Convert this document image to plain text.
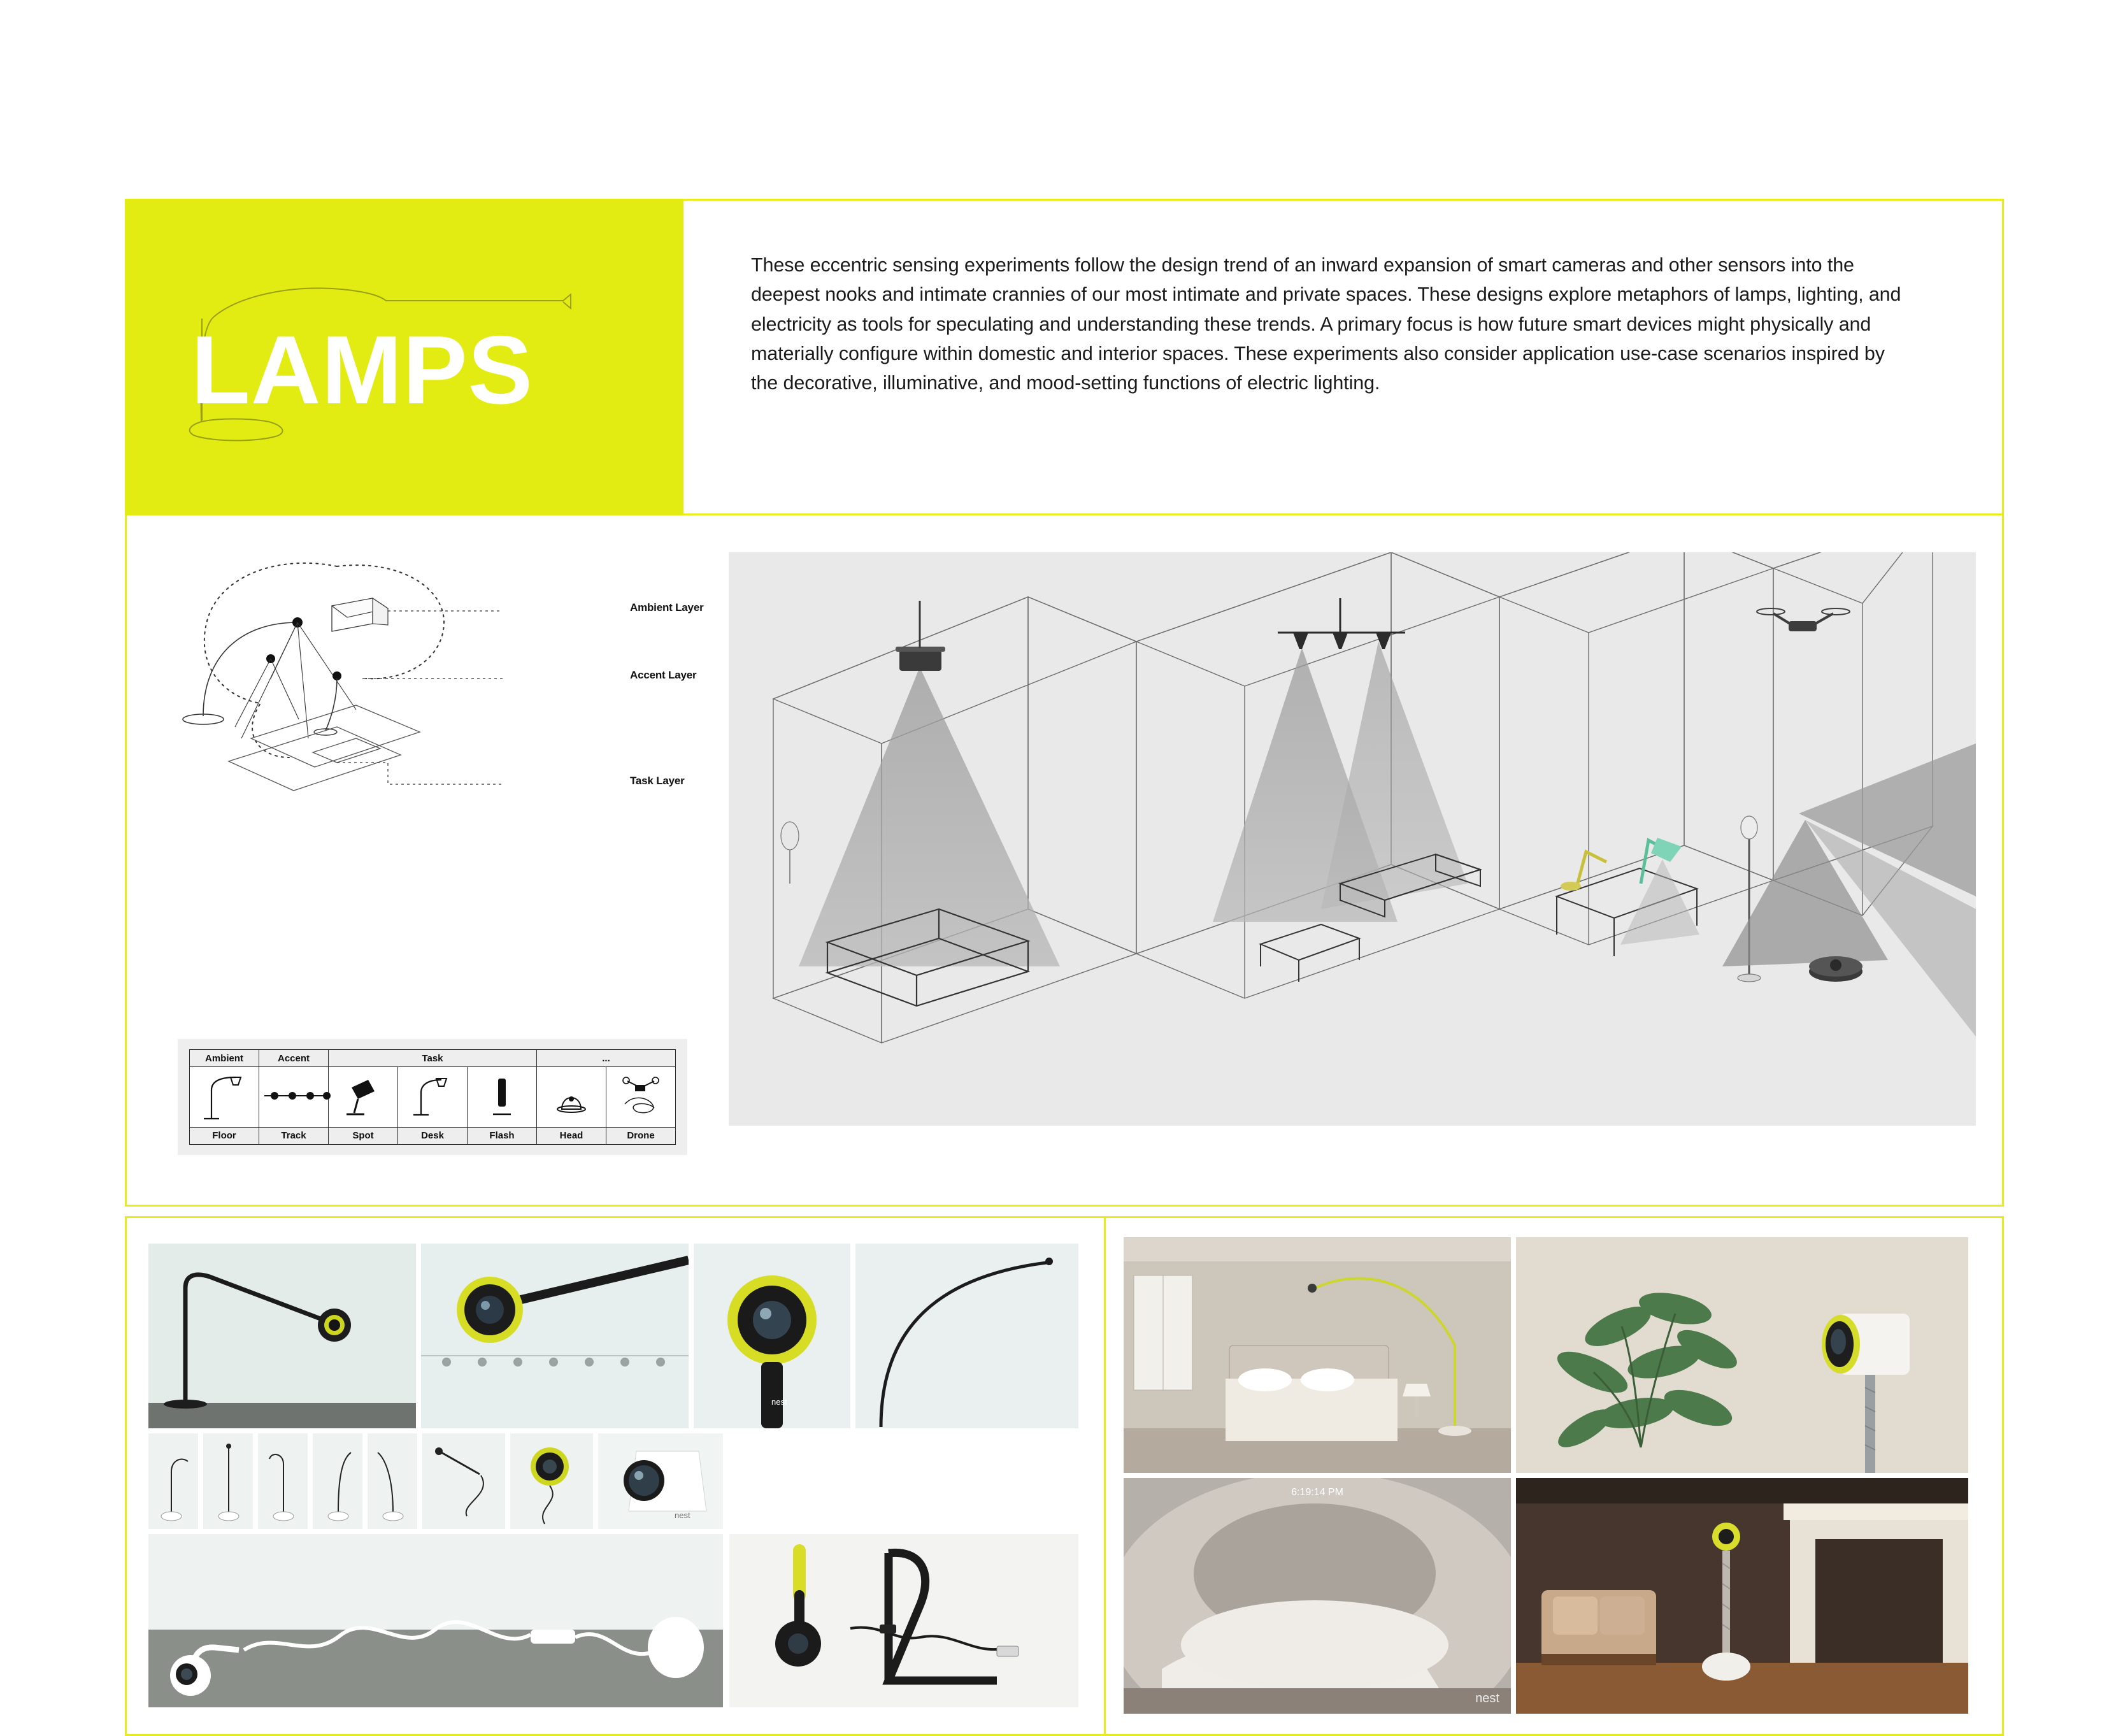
LAMPS

These eccentric sensing experiments follow the design trend of an inward expansion of smart cameras and other sensors into the deepest nooks and intimate crannies of our most intimate and private spaces. These designs explore metaphors of lamps, lighting, and electricity as tools for speculating and understanding these trends. A primary focus is how future smart devices might physically and materially configure within domestic and interior spaces. These experiments also consider application use-case scenarios inspired by the decorative, illuminative, and mood-setting functions of electric lighting.

Ambient Layer
Accent Layer
Task Layer
Ambient	Accent	Task			...	

Floor	Track	Spot	Desk	Flash	Head	Drone
nest
nest
6:19:14 PM
nest
